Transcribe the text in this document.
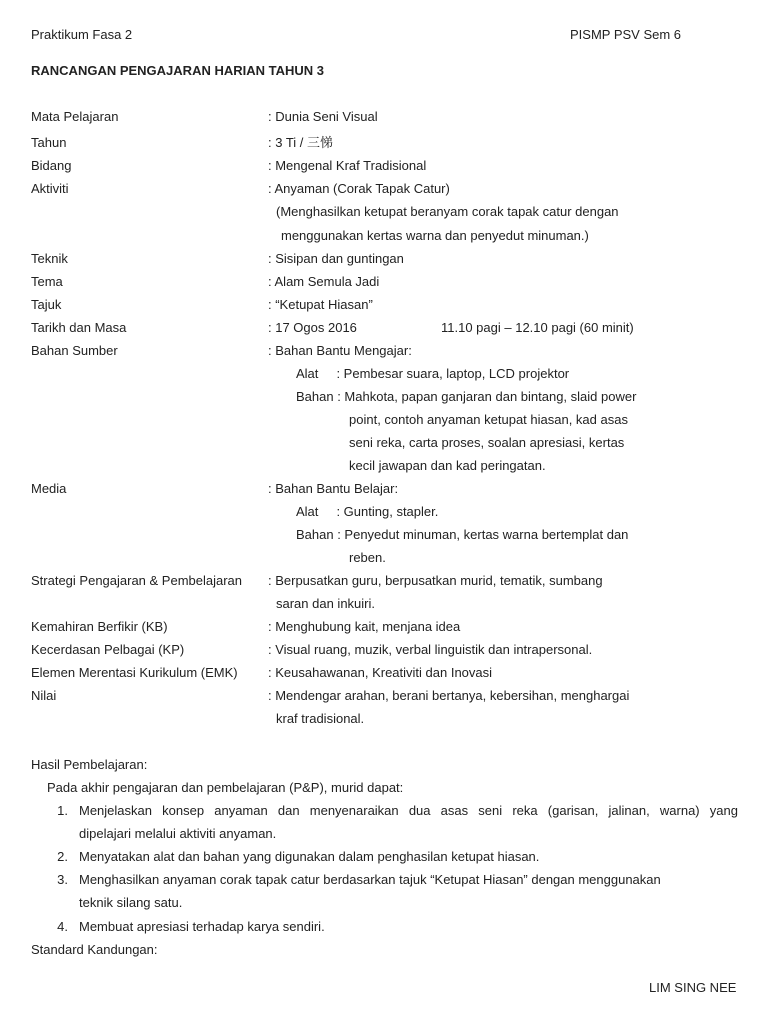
Praktikum Fasa 2	PISMP PSV Sem 6
RANCANGAN PENGAJARAN HARIAN TAHUN 3
Mata Pelajaran	: Dunia Seni Visual
Tahun	: 3 Ti / 三悌
Bidang	: Mengenal Kraf Tradisional
Aktiviti	: Anyaman (Corak Tapak Catur)
(Menghasilkan ketupat beranyam corak tapak catur dengan
menggunakan kertas warna dan penyedut minuman.)
Teknik	: Sisipan dan guntingan
Tema	: Alam Semula Jadi
Tajuk	: “Ketupat Hiasan”
Tarikh dan Masa	: 17 Ogos 2016	11.10 pagi – 12.10 pagi (60 minit)
Bahan Sumber	: Bahan Bantu Mengajar:
Alat     : Pembesar suara, laptop, LCD projektor
Bahan : Mahkota, papan ganjaran dan bintang, slaid power
point, contoh anyaman ketupat hiasan, kad asas
seni reka, carta proses, soalan apresiasi, kertas
kecil jawapan dan kad peringatan.
Media	: Bahan Bantu Belajar:
Alat     : Gunting, stapler.
Bahan : Penyedut minuman, kertas warna bertemplat dan
reben.
Strategi Pengajaran & Pembelajaran : Berpusatkan guru, berpusatkan murid, tematik, sumbang
saran dan inkuiri.
Kemahiran Berfikir (KB)	: Menghubung kait, menjana idea
Kecerdasan Pelbagai (KP)	: Visual ruang, muzik, verbal linguistik dan intrapersonal.
Elemen Merentasi Kurikulum (EMK) : Keusahawanan, Kreativiti dan Inovasi
Nilai	: Mendengar arahan, berani bertanya, kebersihan, menghargai
kraf tradisional.
Hasil Pembelajaran:
Pada akhir pengajaran dan pembelajaran (P&P), murid dapat:
1. Menjelaskan konsep anyaman dan menyenaraikan dua asas seni reka (garisan, jalinan, warna) yang
dipelajari melalui aktiviti anyaman.
2. Menyatakan alat dan bahan yang digunakan dalam penghasilan ketupat hiasan.
3. Menghasilkan anyaman corak tapak catur berdasarkan tajuk “Ketupat Hiasan” dengan menggunakan
teknik silang satu.
4. Membuat apresiasi terhadap karya sendiri.
Standard Kandungan:
LIM SING NEE
